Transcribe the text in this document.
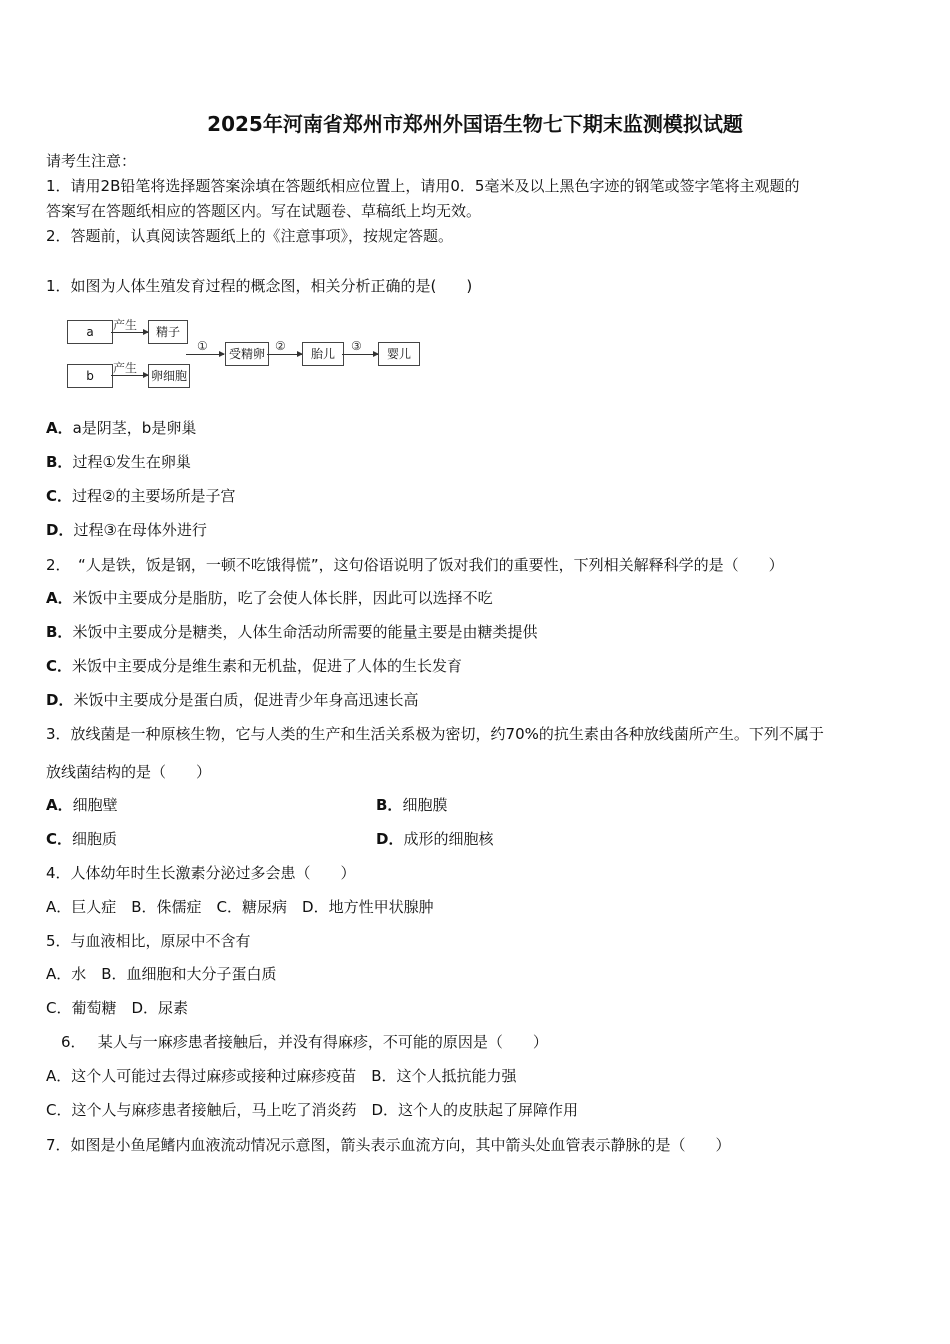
2025年河南省郑州市郑州外国语生物七下期末监测模拟试题
请考生注意：
1．请用2B铅笔将选择题答案涂填在答题纸相应位置上，请用0．5毫米及以上黑色字迹的钢笔或签字笔将主观题的
答案写在答题纸相应的答题区内。写在试题卷、草稿纸上均无效。
2．答题前，认真阅读答题纸上的《注意事项》，按规定答题。
1．如图为人体生殖发育过程的概念图，相关分析正确的是(　　)
a	产生	精子
b
产生
卵细胞
①
受精卵
②
胎儿
③
婴儿
A．a是阴茎，b是卵巢
B．过程①发生在卵巢
C．过程②的主要场所是子宫
D．过程③在母体外进行
2．　“人是铁，饭是钢，一顿不吃饿得慌”，这句俗语说明了饭对我们的重要性，下列相关解释科学的是（　　）
A．米饭中主要成分是脂肪，吃了会使人体长胖，因此可以选择不吃
B．米饭中主要成分是糖类，人体生命活动所需要的能量主要是由糖类提供
C．米饭中主要成分是维生素和无机盐，促进了人体的生长发育
D．米饭中主要成分是蛋白质，促进青少年身高迅速长高
3．放线菌是一种原核生物，它与人类的生产和生活关系极为密切，约70%的抗生素由各种放线菌所产生。下列不属于
放线菌结构的是（　　）
A．细胞壁	B．细胞膜
C．细胞质	D．成形的细胞核
4．人体幼年时生长激素分泌过多会患（　　）
A．巨人症　B．侏儒症　C．糖尿病　D．地方性甲状腺肿
5．与血液相比，原尿中不含有
A．水　B．血细胞和大分子蛋白质
C．葡萄糖　D．尿素
　6．　 某人与一麻疹患者接触后，并没有得麻疹，不可能的原因是（　　）
A．这个人可能过去得过麻疹或接种过麻疹疫苗　B．这个人抵抗能力强
C．这个人与麻疹患者接触后，马上吃了消炎药　D．这个人的皮肤起了屏障作用
7．如图是小鱼尾鳍内血液流动情况示意图，箭头表示血流方向，其中箭头处血管表示静脉的是（　　）
